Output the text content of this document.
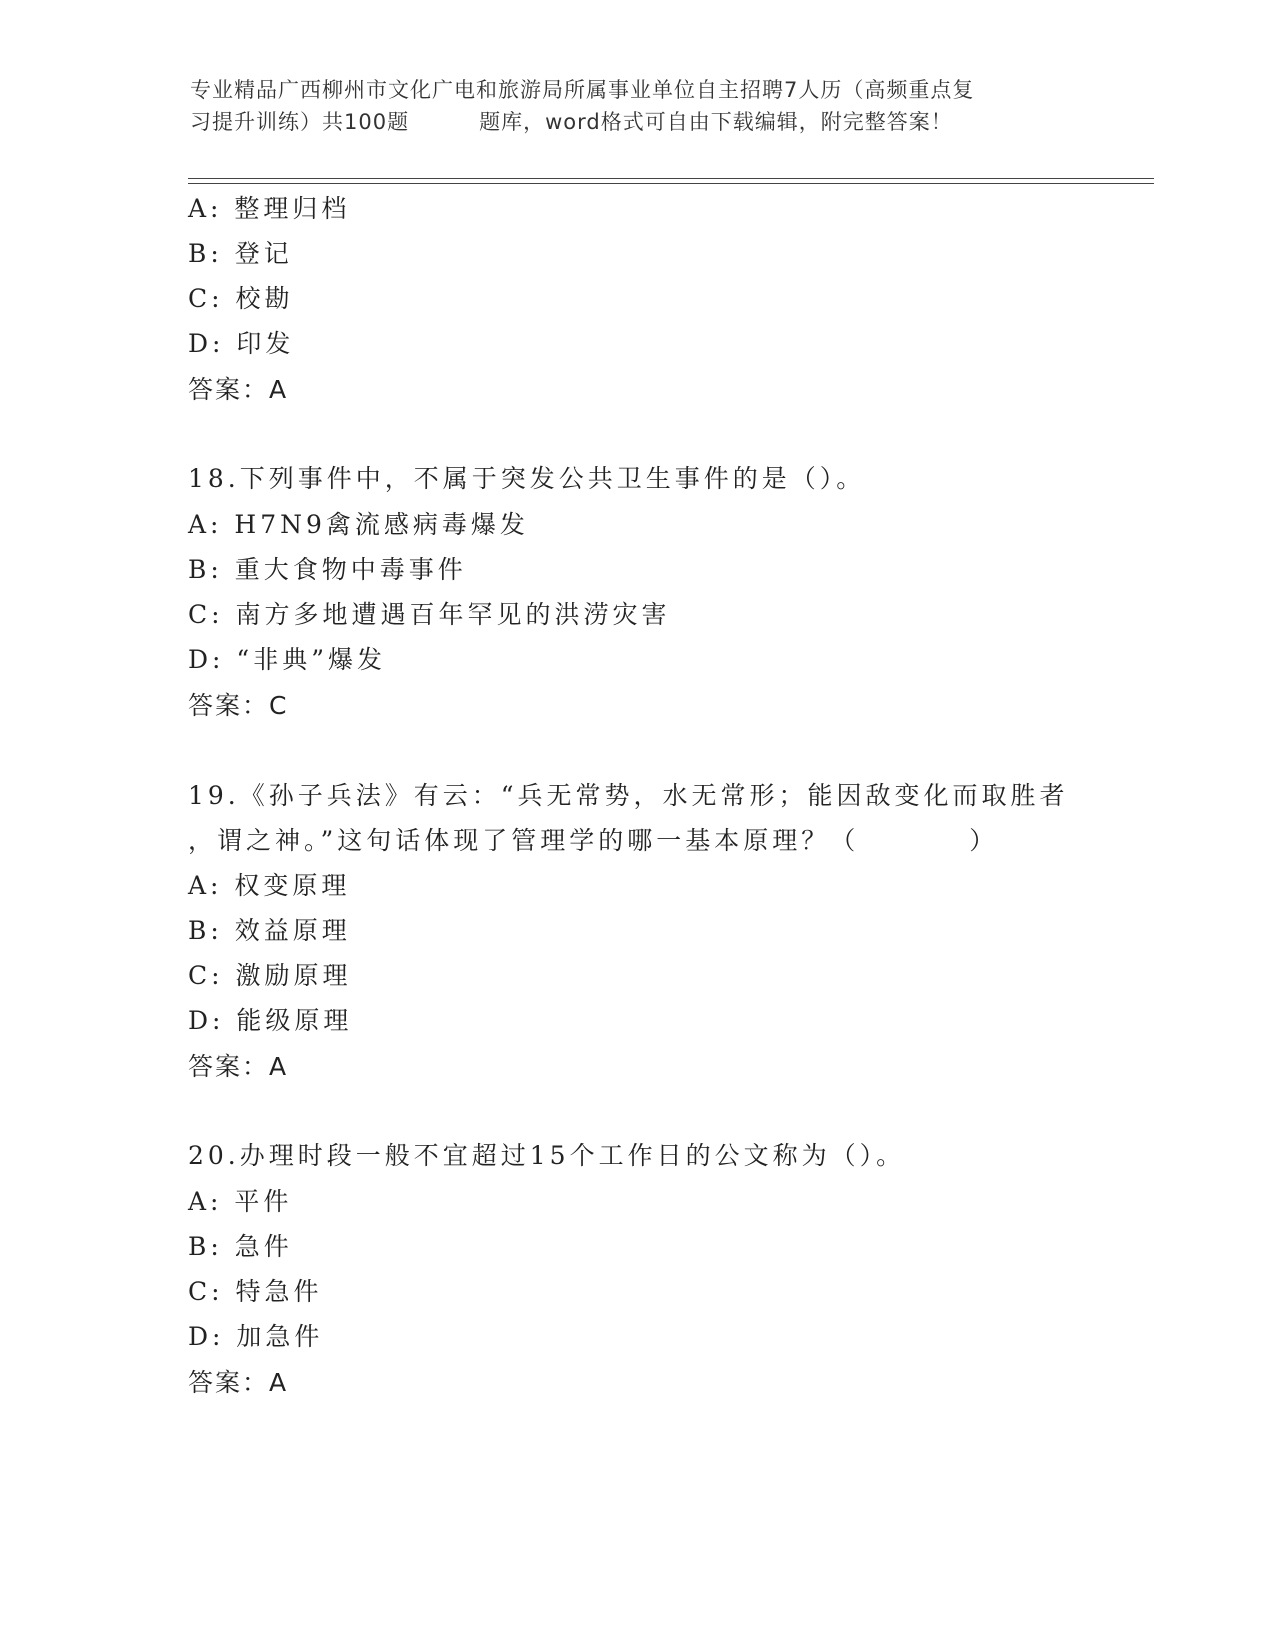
专业精品广西柳州市文化广电和旅游局所属事业单位自主招聘7人历（高频重点复
习提升训练）共100题	题库，word格式可自由下载编辑，附完整答案！
A: 整理归档
B: 登记
C: 校勘
D: 印发
答案：A
18.下列事件中，不属于突发公共卫生事件的是（）。
A: H7N9禽流感病毒爆发
B: 重大食物中毒事件
C: 南方多地遭遇百年罕见的洪涝灾害
D: “非典”爆发
答案：C
19.《孙子兵法》有云：“兵无常势，水无常形；能因敌变化而取胜者
，谓之神。”这句话体现了管理学的哪一基本原理？（	）
A: 权变原理
B: 效益原理
C: 激励原理
D: 能级原理
答案：A
20.办理时段一般不宜超过15个工作日的公文称为（）。
A: 平件
B: 急件
C: 特急件
D: 加急件
答案：A
